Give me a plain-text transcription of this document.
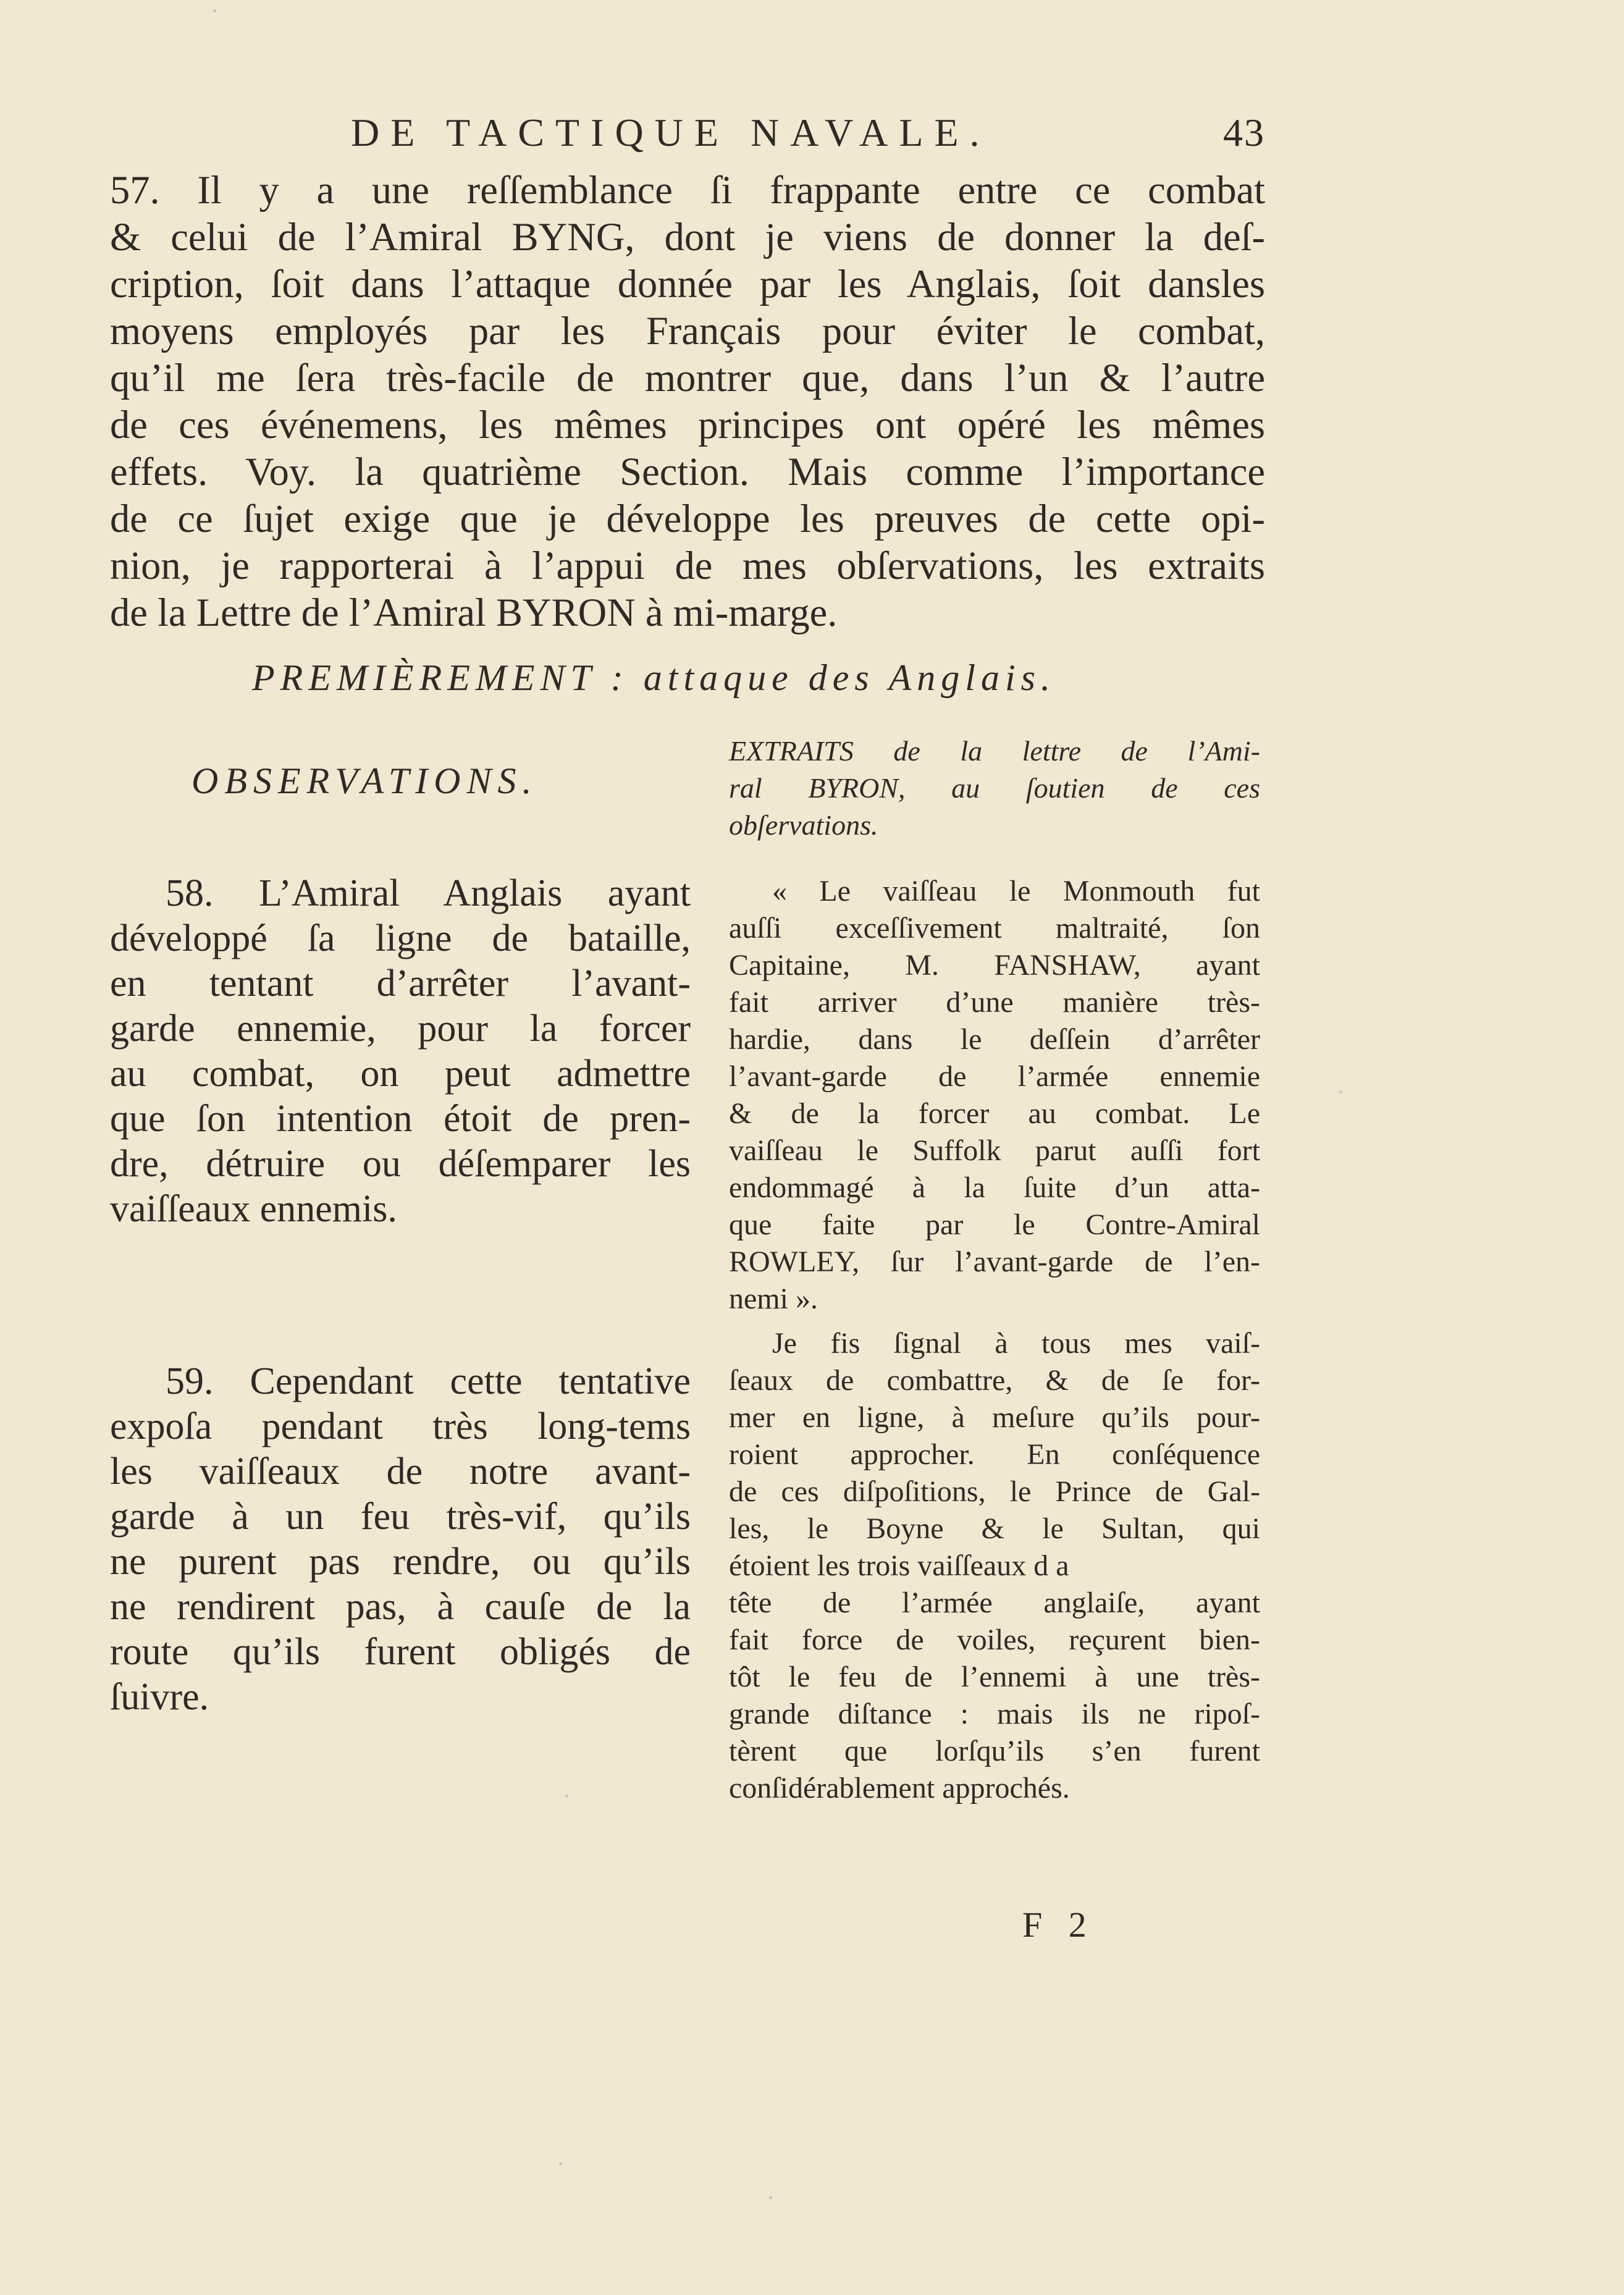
DE TACTIQUE NAVALE.	43
57. Il y a une reſſemblance ſi frappante entre ce combat
& celui de l’Amiral BYNG, dont je viens de donner la deſ-
cription, ſoit dans l’attaque donnée par les Anglais, ſoit dansles
moyens employés par les Français pour éviter le combat,
qu’il me ſera très-facile de montrer que, dans l’un & l’autre
de ces événemens, les mêmes principes ont opéré les mêmes
effets. Voy. la quatrième Section. Mais comme l’importance
de ce ſujet exige que je développe les preuves de cette opi-
nion, je rapporterai à l’appui de mes obſervations, les extraits
de la Lettre de l’Amiral BYRON à mi-marge.
PREMIÈREMENT : attaque des Anglais.
OBSERVATIONS.
EXTRAITS de la lettre de l’Ami-
ral BYRON, au ſoutien de ces
obſervations.
58. L’Amiral Anglais ayant
développé ſa ligne de bataille,
en tentant d’arrêter l’avant-
garde ennemie, pour la forcer
au combat, on peut admettre
que ſon intention étoit de pren-
dre, détruire ou déſemparer les
vaiſſeaux ennemis.
59. Cependant cette tentative
expoſa pendant très long-tems
les vaiſſeaux de notre avant-
garde à un feu très-vif, qu’ils
ne purent pas rendre, ou qu’ils
ne rendirent pas, à cauſe de la
route qu’ils furent obligés de
ſuivre.
« Le vaiſſeau le Monmouth fut
auſſi exceſſivement maltraité, ſon
Capitaine, M. FANSHAW, ayant
fait arriver d’une manière très-
hardie, dans le deſſein d’arrêter
l’avant-garde de l’armée ennemie
& de la forcer au combat. Le
vaiſſeau le Suffolk parut auſſi fort
endommagé à la ſuite d’un atta-
que faite par le Contre-Amiral
ROWLEY, ſur l’avant-garde de l’en-
nemi ».
Je fis ſignal à tous mes vaiſ-
ſeaux de combattre, & de ſe for-
mer en ligne, à meſure qu’ils pour-
roient approcher. En conſéquence
de ces diſpoſitions, le Prince de Gal-
les, le Boyne & le Sultan, qui
étoient les trois vaiſſeaux d a
tête de l’armée anglaiſe, ayant
fait force de voiles, reçurent bien-
tôt le feu de l’ennemi à une très-
grande diſtance : mais ils ne ripoſ-
tèrent que lorſqu’ils s’en furent
conſidérablement approchés.
F 2
